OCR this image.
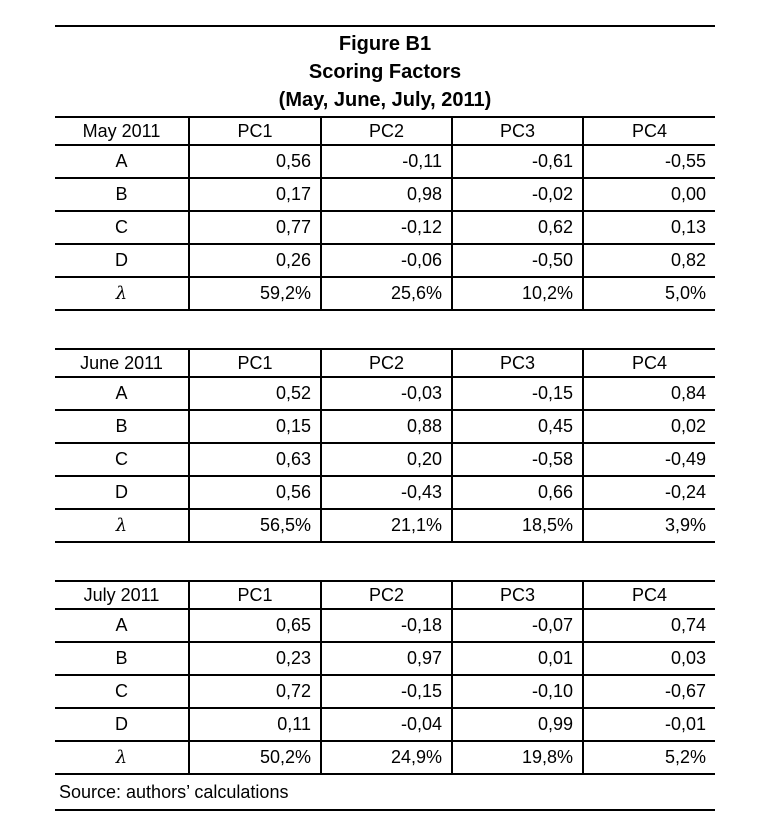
Figure B1
Scoring Factors
(May, June, July, 2011)
May 2011	PC1	PC2	PC3	PC4
A	0,56	-0,11	-0,61	-0,55
B	0,17	0,98	-0,02	0,00
C	0,77	-0,12	0,62	0,13
D	0,26	-0,06	-0,50	0,82
λ	59,2%	25,6%	10,2%	5,0%
June 2011	PC1	PC2	PC3	PC4
A	0,52	-0,03	-0,15	0,84
B	0,15	0,88	0,45	0,02
C	0,63	0,20	-0,58	-0,49
D	0,56	-0,43	0,66	-0,24
λ	56,5%	21,1%	18,5%	3,9%
July 2011	PC1	PC2	PC3	PC4
A	0,65	-0,18	-0,07	0,74
B	0,23	0,97	0,01	0,03
C	0,72	-0,15	-0,10	-0,67
D	0,11	-0,04	0,99	-0,01
λ	50,2%	24,9%	19,8%	5,2%
Source: authors’ calculations
